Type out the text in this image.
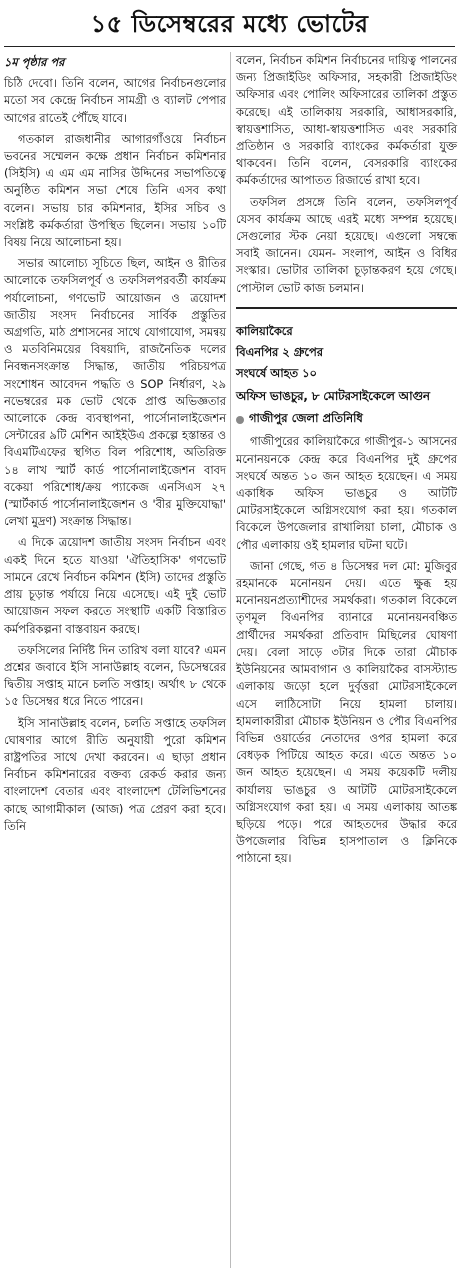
১৫ ডিসেম্বরের মধ্যে ভোটের

১ম পৃষ্ঠার পর

চিঠি দেবো। তিনি বলেন, আগের নির্বাচনগুলোর মতো সব কেন্দ্রে নির্বাচন সামগ্রী ও ব্যালট পেপার আগের রাতেই পৌঁছে যাবে।

গতকাল রাজধানীর আগারগাঁওয়ে নির্বাচন ভবনের সম্মেলন কক্ষে প্রধান নির্বাচন কমিশনার (সিইসি) এ এম এম নাসির উদ্দিনের সভাপতিত্বে অনুষ্ঠিত কমিশন সভা শেষে তিনি এসব কথা বলেন। সভায় চার কমিশনার, ইসির সচিব ও সংশ্লিষ্ট কর্মকর্তারা উপস্থিত ছিলেন। সভায় ১০টি বিষয় নিয়ে আলোচনা হয়।

সভার আলোচ্য সূচিতে ছিল, আইন ও রীতির আলোকে তফসিলপূর্ব ও তফসিলপরবর্তী কার্যক্রম পর্যালোচনা, গণভোট আয়োজন ও ত্রয়োদশ জাতীয় সংসদ নির্বাচনের সার্বিক প্রস্তুতির অগ্রগতি, মাঠ প্রশাসনের সাথে যোগাযোগ, সমন্বয় ও মতবিনিময়ের বিষয়াদি, রাজনৈতিক দলের নিবন্ধনসংক্রান্ত সিদ্ধান্ত, জাতীয় পরিচয়পত্র সংশোধন আবেদন পদ্ধতি ও SOP নির্ধারণ, ২৯ নভেম্বরের মক ভোট থেকে প্রাপ্ত অভিজ্ঞতার আলোকে কেন্দ্র ব্যবস্থাপনা, পার্সোনালাইজেশন সেন্টারের ৯টি মেশিন আইইউএ প্রকল্পে হস্তান্তর ও বিএমটিএফের স্থগিত বিল পরিশোধ, অতিরিক্ত ১৪ লাখ স্মার্ট কার্ড পার্সোনালাইজেশন বাবদ বকেয়া পরিশোধ/ক্রয় প্যাকেজ এনসিএস ২৭ (স্মার্টকার্ড পার্সোনালাইজেশন ও 'বীর মুক্তিযোদ্ধা' লেখা মুদ্রণ) সংক্রান্ত সিদ্ধান্ত।

এ দিকে ত্রয়োদশ জাতীয় সংসদ নির্বাচন এবং একই দিনে হতে যাওয়া 'ঐতিহাসিক' গণভোট সামনে রেখে নির্বাচন কমিশন (ইসি) তাদের প্রস্তুতি প্রায় চূড়ান্ত পর্যায়ে নিয়ে এসেছে। এই দুই ভোট আয়োজন সফল করতে সংস্থাটি একটি বিস্তারিত কর্মপরিকল্পনা বাস্তবায়ন করছে।

তফসিলের নির্দিষ্ট দিন তারিখ বলা যাবে? এমন প্রশ্নের জবাবে ইসি সানাউল্লাহ বলেন, ডিসেম্বরের দ্বিতীয় সপ্তাহ মানে চলতি সপ্তাহ। অর্থাৎ ৮ থেকে ১৫ ডিসেম্বর ধরে নিতে পারেন।

ইসি সানাউল্লাহ বলেন, চলতি সপ্তাহে তফসিল ঘোষণার আগে রীতি অনুযায়ী পুরো কমিশন রাষ্ট্রপতির সাথে দেখা করবেন। এ ছাড়া প্রধান নির্বাচন কমিশনারের বক্তব্য রেকর্ড করার জন্য বাংলাদেশ বেতার এবং বাংলাদেশ টেলিভিশনের কাছে আগামীকাল (আজ) পত্র প্রেরণ করা হবে। তিনি

বলেন, নির্বাচন কমিশন নির্বাচনের দায়িত্ব পালনের জন্য প্রিজাইডিং অফিসার, সহকারী প্রিজাইডিং অফিসার এবং পোলিং অফিসারের তালিকা প্রস্তুত করেছে। এই তালিকায় সরকারি, আধাসরকারি, স্বায়ত্তশাসিত, আধা-স্বায়ত্তশাসিত এবং সরকারি প্রতিষ্ঠান ও সরকারি ব্যাংকের কর্মকর্তারা যুক্ত থাকবেন। তিনি বলেন, বেসরকারি ব্যাংকের কর্মকর্তাদের আপাতত রিজার্ভে রাখা হবে।

তফসিল প্রসঙ্গে তিনি বলেন, তফসিলপূর্ব যেসব কার্যক্রম আছে এরই মধ্যে সম্পন্ন হয়েছে। সেগুলোর স্টক নেয়া হয়েছে। এগুলো সম্বন্ধে সবাই জানেন। যেমন- সংলাপ, আইন ও বিধির সংস্কার। ভোটার তালিকা চূড়ান্তকরণ হয়ে গেছে। পোস্টাল ভোট কাজ চলমান।

কালিয়াকৈরে

বিএনপির ২ গ্রুপের

সংঘর্ষে আহত ১০

অফিস ভাঙচুর, ৮ মোটরসাইকেলে আগুন
গাজীপুর জেলা প্রতিনিধি

গাজীপুরের কালিয়াকৈরে গাজীপুর-১ আসনের মনোনয়নকে কেন্দ্র করে বিএনপির দুই গ্রুপের সংঘর্ষে অন্তত ১০ জন আহত হয়েছেন। এ সময় একাধিক অফিস ভাঙচুর ও আটটি মোটরসাইকেলে অগ্নিসংযোগ করা হয়। গতকাল বিকেলে উপজেলার রাখালিয়া চালা, মৌচাক ও পৌর এলাকায় ওই হামলার ঘটনা ঘটে।

জানা গেছে, গত ৪ ডিসেম্বর দল মো: মুজিবুর রহমানকে মনোনয়ন দেয়। এতে ক্ষুব্ধ হয় মনোনয়নপ্রত্যাশীদের সমর্থকরা। গতকাল বিকেলে তৃণমূল বিএনপির ব্যানারে মনোনয়নবঞ্চিত প্রার্থীদের সমর্থকরা প্রতিবাদ মিছিলের ঘোষণা দেয়। বেলা সাড়ে ৩টার দিকে তারা মৌচাক ইউনিয়নের আমবাগান ও কালিয়াকৈর বাসস্ট্যান্ড এলাকায় জড়ো হলে দুর্বৃত্তরা মোটরসাইকেলে এসে লাঠিসোটা নিয়ে হামলা চালায়। হামলাকারীরা মৌচাক ইউনিয়ন ও পৌর বিএনপির বিভিন্ন ওয়ার্ডের নেতাদের ওপর হামলা করে বেধড়ক পিটিয়ে আহত করে। এতে অন্তত ১০ জন আহত হয়েছেন। এ সময় কয়েকটি দলীয় কার্যালয় ভাঙচুর ও আটটি মোটরসাইকেলে অগ্নিসংযোগ করা হয়। এ সময় এলাকায় আতঙ্ক ছড়িয়ে পড়ে। পরে আহতদের উদ্ধার করে উপজেলার বিভিন্ন হাসপাতাল ও ক্লিনিকে পাঠানো হয়।
